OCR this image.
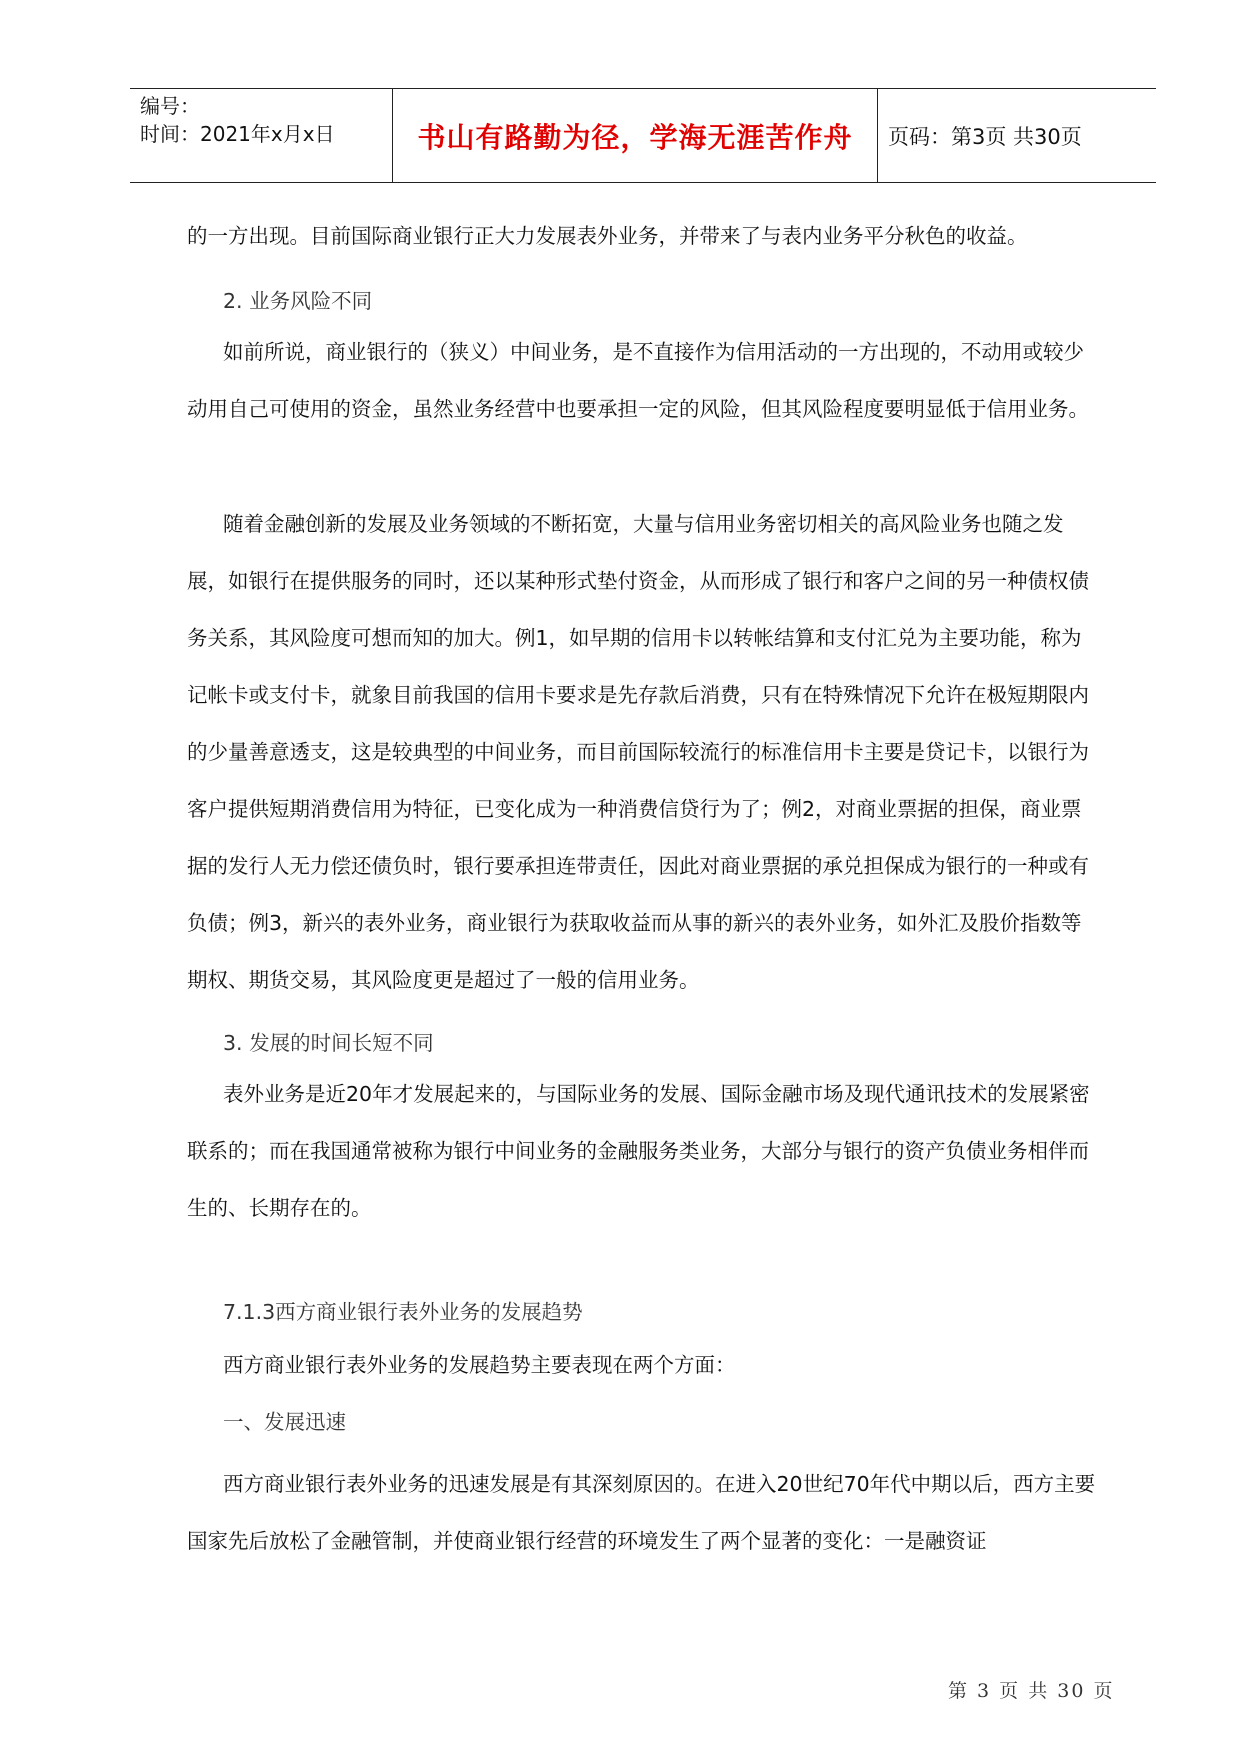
编号：
时间：2021年x月x日	书山有路勤为径，学海无涯苦作舟 页码：第3页 共30页

的一方出现。目前国际商业银行正大力发展表外业务，并带来了与表内业务平分秋色的收益。

2. 业务风险不同

如前所说，商业银行的（狭义）中间业务，是不直接作为信用活动的一方出现的，不动用或较少动用自己可使用的资金，虽然业务经营中也要承担一定的风险，但其风险程度要明显低于信用业务。

随着金融创新的发展及业务领域的不断拓宽，大量与信用业务密切相关的高风险业务也随之发展，如银行在提供服务的同时，还以某种形式垫付资金，从而形成了银行和客户之间的另一种债权债务关系，其风险度可想而知的加大。例1，如早期的信用卡以转帐结算和支付汇兑为主要功能，称为记帐卡或支付卡，就象目前我国的信用卡要求是先存款后消费，只有在特殊情况下允许在极短期限内的少量善意透支，这是较典型的中间业务，而目前国际较流行的标准信用卡主要是贷记卡，以银行为客户提供短期消费信用为特征，已变化成为一种消费信贷行为了；例2，对商业票据的担保，商业票据的发行人无力偿还债负时，银行要承担连带责任，因此对商业票据的承兑担保成为银行的一种或有负债；例3，新兴的表外业务，商业银行为获取收益而从事的新兴的表外业务，如外汇及股价指数等期权、期货交易，其风险度更是超过了一般的信用业务。

3. 发展的时间长短不同

表外业务是近20年才发展起来的，与国际业务的发展、国际金融市场及现代通讯技术的发展紧密联系的；而在我国通常被称为银行中间业务的金融服务类业务，大部分与银行的资产负债业务相伴而生的、长期存在的。

7.1.3西方商业银行表外业务的发展趋势
西方商业银行表外业务的发展趋势主要表现在两个方面：
一、发展迅速

西方商业银行表外业务的迅速发展是有其深刻原因的。在进入20世纪70年代中期以后，西方主要国家先后放松了金融管制，并使商业银行经营的环境发生了两个显著的变化：一是融资证

第 3 页 共 30 页
